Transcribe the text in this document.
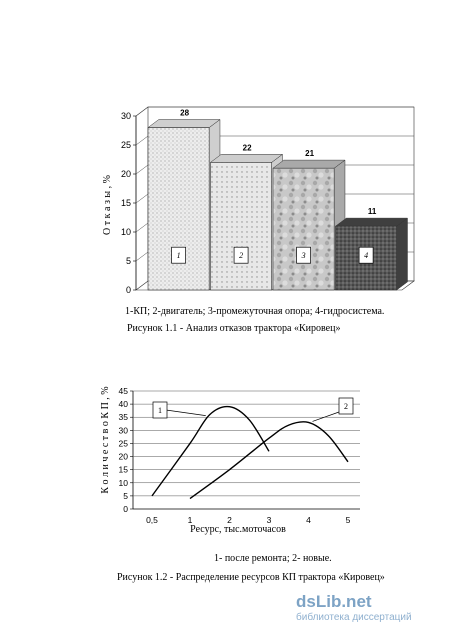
0
5
10
15
20
25
30	28
22
21
11
1	2	3	4
О т к а з ы , %
0
5
10
15
20
25
30
35
40
45
0,5	1	2	3	4	5
1	2
К о л и ч е с т в о К П , %
Ресурс, тыс.моточасов
1-КП; 2-двигатель; 3-промежуточная опора; 4-гидросистема.
Рисунок 1.1 - Анализ отказов трактора «Кировец»
1- после ремонта; 2- новые.
Рисунок 1.2 - Распределение ресурсов КП трактора «Кировец»
dsLib.net
библиотека диссертаций
